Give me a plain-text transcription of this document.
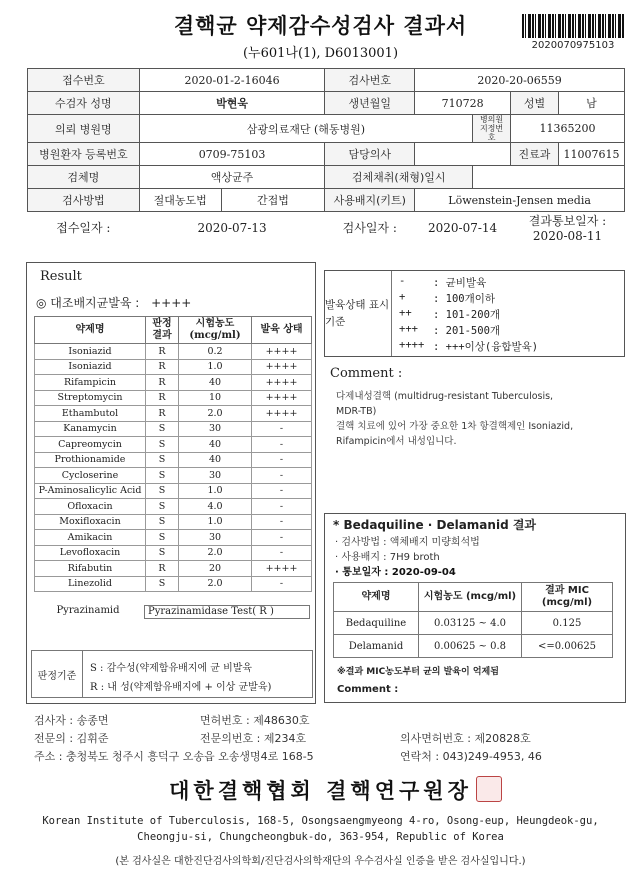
결핵균 약제감수성검사 결과서
(누601나(1), D6013001)
2020070975103
접수번호	2020-01-2-16046		검사번호	2020-20-06559			
수검자 성명	박현욱		생년월일	710728		성별	남
의뢰 병원명	삼광의료재단 (해동병원)				병의원 지정번호	11365200	
병원환자 등록번호	0709-75103		담당의사			진료과	11007615
검체명	액상균주		검체채취(채형)일시				
검사방법	절대농도법	간접법	사용배지(키트)	Löwenstein-Jensen media			
접수일자 :	2020-07-13		검사일자 :	2020-07-14		결과통보일자 : 2020-08-11	
Result
◎ 대조배지균발육 : ++++
약제명	판정 결과	시험농도 (mcg/ml)	발육 상태
Isoniazid	R	0.2	++++
Isoniazid	R	1.0	++++
Rifampicin	R	40	++++
Streptomycin	R	10	++++
Ethambutol	R	2.0	++++
Kanamycin	S	30	-
Capreomycin	S	40	-
Prothionamide	S	40	-
Cycloserine	S	30	-
P-Aminosalicylic Acid	S	1.0	-
Ofloxacin	S	4.0	-
Moxifloxacin	S	1.0	-
Amikacin	S	30	-
Levofloxacin	S	2.0	-
Rifabutin	R	20	++++
Linezolid	S	2.0	-
Pyrazinamid	Pyrazinamidase Test( R )
판정기준
S : 감수성(약제함유배지에 균 비발육
R : 내 성(약제함유배지에 + 이상 균발육)
발육상태 표시기준
-	: 균비발육
+	: 100개이하
++ : 101-200개
+++ : 201-500개
++++ : +++이상(융합발육)
Comment :
다제내성결핵 (multidrug-resistant Tuberculosis,
MDR-TB)
결핵 치료에 있어 가장 중요한 1차 항결핵제인 Isoniazid,
Rifampicin에서 내성입니다.
* Bedaquiline · Delamanid 결과
· 검사방법 : 액체배지 미량희석법
· 사용배지 : 7H9 broth
· 통보일자 : 2020-09-04
약제명	시험농도 (mcg/ml)	결과 MIC (mcg/ml)
Bedaquiline	0.03125 ~ 4.0	0.125
Delamanid	0.00625 ~ 0.8	<=0.00625
※결과 MIC농도부터 균의 발육이 억제됨
Comment :
검사자 : 송종면	면허번호 : 제48630호
전문의 : 김휘준	전문의번호 : 제234호	의사면허번호 : 제20828호
주소 : 충청북도 청주시 흥덕구 오송읍 오송생명4로 168-5	연락처 : 043)249-4953, 46
대한결핵협회 결핵연구원장
Korean Institute of Tuberculosis, 168-5, Osongsaengmyeong 4-ro, Osong-eup, Heungdeok-gu,
Cheongju-si, Chungcheongbuk-do, 363-954, Republic of Korea
(본 검사실은 대한진단검사의학회/진단검사의학재단의 우수검사실 인증을 받은 검사실입니다.)
